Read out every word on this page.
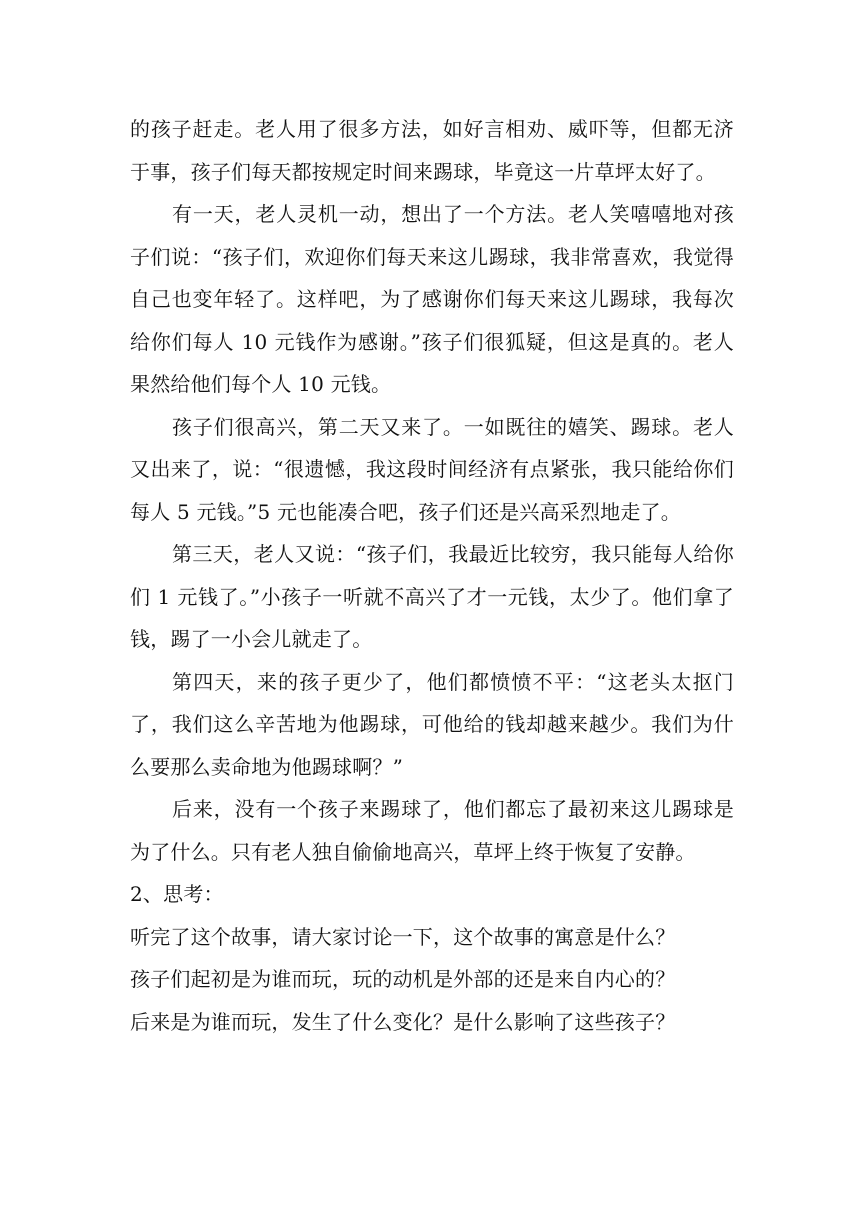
的孩子赶走。老人用了很多方法，如好言相劝、威吓等，但都无济于事，孩子们每天都按规定时间来踢球，毕竟这一片草坪太好了。

有一天，老人灵机一动，想出了一个方法。老人笑嘻嘻地对孩子们说：“孩子们，欢迎你们每天来这儿踢球，我非常喜欢，我觉得自己也变年轻了。这样吧，为了感谢你们每天来这儿踢球，我每次给你们每人 10 元钱作为感谢。”孩子们很狐疑，但这是真的。老人果然给他们每个人 10 元钱。

孩子们很高兴，第二天又来了。一如既往的嬉笑、踢球。老人又出来了，说：“很遗憾，我这段时间经济有点紧张，我只能给你们每人 5 元钱。”5 元也能凑合吧，孩子们还是兴高采烈地走了。

第三天，老人又说：“孩子们，我最近比较穷，我只能每人给你们 1 元钱了。”小孩子一听就不高兴了才一元钱，太少了。他们拿了钱，踢了一小会儿就走了。

第四天，来的孩子更少了，他们都愤愤不平：“这老头太抠门了，我们这么辛苦地为他踢球，可他给的钱却越来越少。我们为什么要那么卖命地为他踢球啊？”

后来，没有一个孩子来踢球了，他们都忘了最初来这儿踢球是为了什么。只有老人独自偷偷地高兴，草坪上终于恢复了安静。

2、思考：

听完了这个故事，请大家讨论一下，这个故事的寓意是什么？

孩子们起初是为谁而玩，玩的动机是外部的还是来自内心的？

后来是为谁而玩，发生了什么变化？是什么影响了这些孩子？
